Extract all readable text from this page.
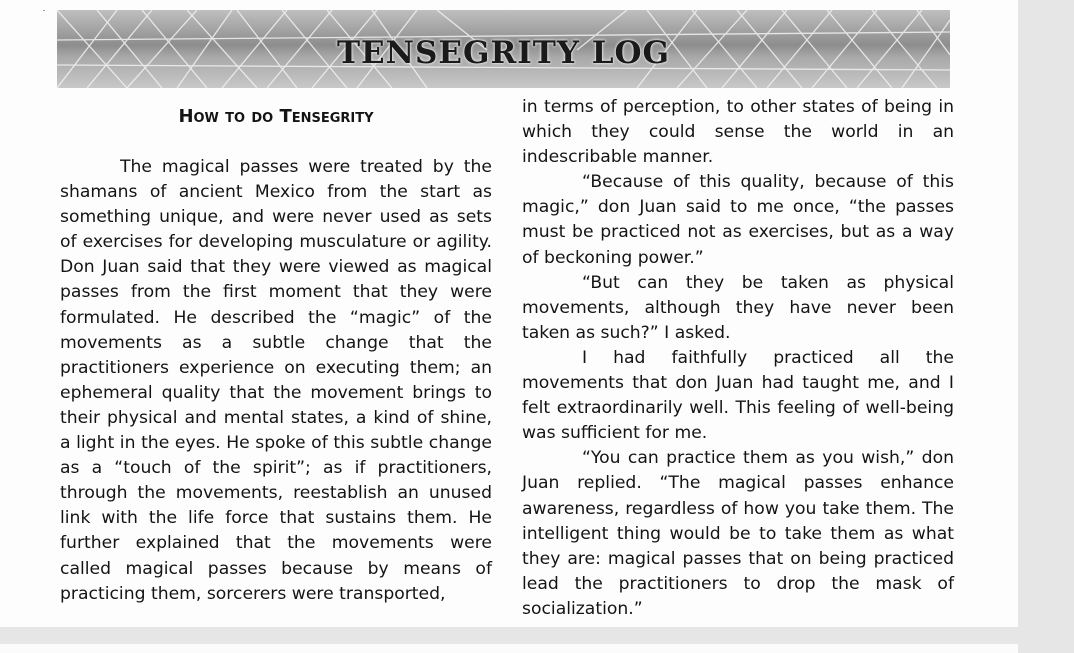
TENSEGRITY LOG
How to do Tensegrity

The magical passes were treated by the shamans of ancient Mexico from the start as something unique, and were never used as sets of exercises for developing musculature or agility. Don Juan said that they were viewed as magical passes from the first moment that they were formulated. He described the “magic” of the movements as a subtle change that the practitioners experience on executing them; an ephemeral quality that the movement brings to their physical and mental states, a kind of shine, a light in the eyes. He spoke of this subtle change as a “touch of the spirit”; as if practitioners, through the movements, reestablish an unused link with the life force that sustains them. He further explained that the movements were called magical passes because by means of practicing them, sorcerers were transported,

in terms of perception, to other states of being in which they could sense the world in an indescribable manner.

“Because of this quality, because of this magic,” don Juan said to me once, “the passes must be practiced not as exercises, but as a way of beckoning power.”

“But can they be taken as physical movements, although they have never been taken as such?” I asked.

I had faithfully practiced all the movements that don Juan had taught me, and I felt extraordinarily well. This feeling of well-being was sufficient for me.

“You can practice them as you wish,” don Juan replied. “The magical passes enhance awareness, regardless of how you take them. The intelligent thing would be to take them as what they are: magical passes that on being practiced lead the practitioners to drop the mask of socialization.”
